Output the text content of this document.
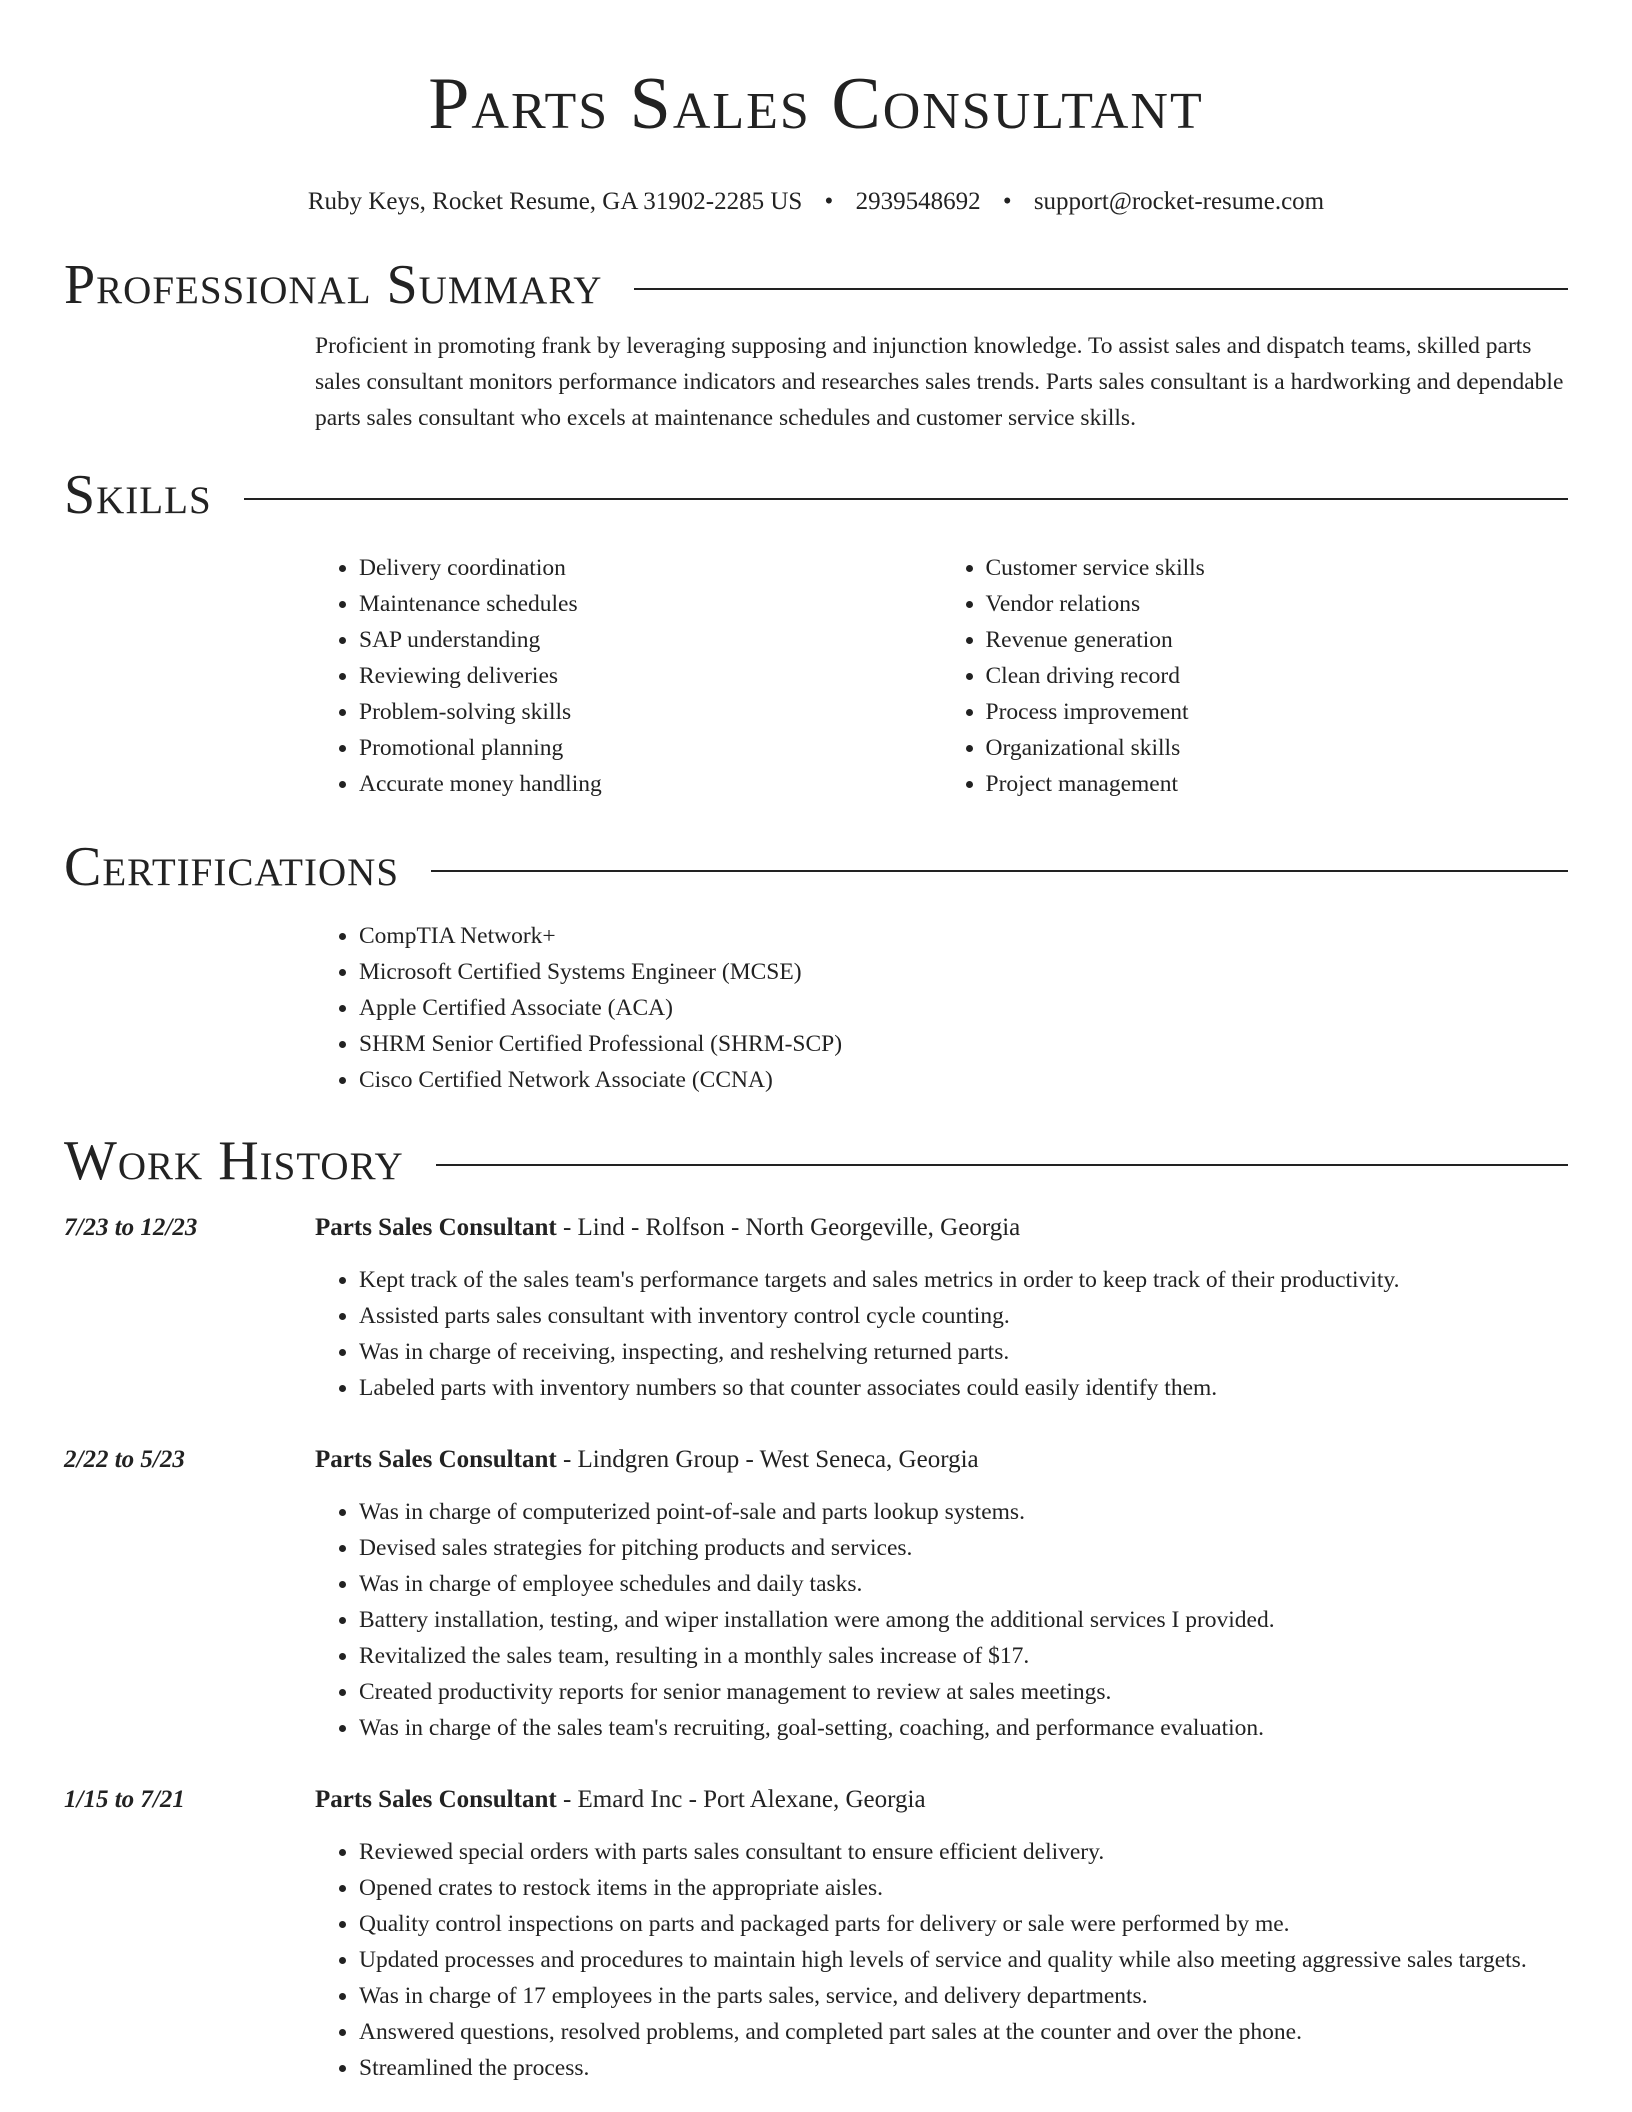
Parts Sales Consultant
Ruby Keys, Rocket Resume, GA 31902-2285 US • 2939548692 • support@rocket-resume.com
Professional Summary
Proficient in promoting frank by leveraging supposing and injunction knowledge. To assist sales and dispatch teams, skilled parts sales consultant monitors performance indicators and researches sales trends. Parts sales consultant is a hardworking and dependable parts sales consultant who excels at maintenance schedules and customer service skills.
Skills
• Delivery coordination
• Maintenance schedules
• SAP understanding
• Reviewing deliveries
• Problem-solving skills
• Promotional planning
• Accurate money handling
• Customer service skills
• Vendor relations
• Revenue generation
• Clean driving record
• Process improvement
• Organizational skills
• Project management
Certifications
• CompTIA Network+
• Microsoft Certified Systems Engineer (MCSE)
• Apple Certified Associate (ACA)
• SHRM Senior Certified Professional (SHRM-SCP)
• Cisco Certified Network Associate (CCNA)
Work History
7/23 to 12/23	Parts Sales Consultant - Lind - Rolfson - North Georgeville, Georgia
• Kept track of the sales team's performance targets and sales metrics in order to keep track of their productivity.
• Assisted parts sales consultant with inventory control cycle counting.
• Was in charge of receiving, inspecting, and reshelving returned parts.
• Labeled parts with inventory numbers so that counter associates could easily identify them.
2/22 to 5/23	Parts Sales Consultant - Lindgren Group - West Seneca, Georgia
• Was in charge of computerized point-of-sale and parts lookup systems.
• Devised sales strategies for pitching products and services.
• Was in charge of employee schedules and daily tasks.
• Battery installation, testing, and wiper installation were among the additional services I provided.
• Revitalized the sales team, resulting in a monthly sales increase of $17.
• Created productivity reports for senior management to review at sales meetings.
• Was in charge of the sales team's recruiting, goal-setting, coaching, and performance evaluation.
1/15 to 7/21	Parts Sales Consultant - Emard Inc - Port Alexane, Georgia
• Reviewed special orders with parts sales consultant to ensure efficient delivery.
• Opened crates to restock items in the appropriate aisles.
• Quality control inspections on parts and packaged parts for delivery or sale were performed by me.
• Updated processes and procedures to maintain high levels of service and quality while also meeting aggressive sales targets.
• Was in charge of 17 employees in the parts sales, service, and delivery departments.
• Answered questions, resolved problems, and completed part sales at the counter and over the phone.
• Streamlined the process.
